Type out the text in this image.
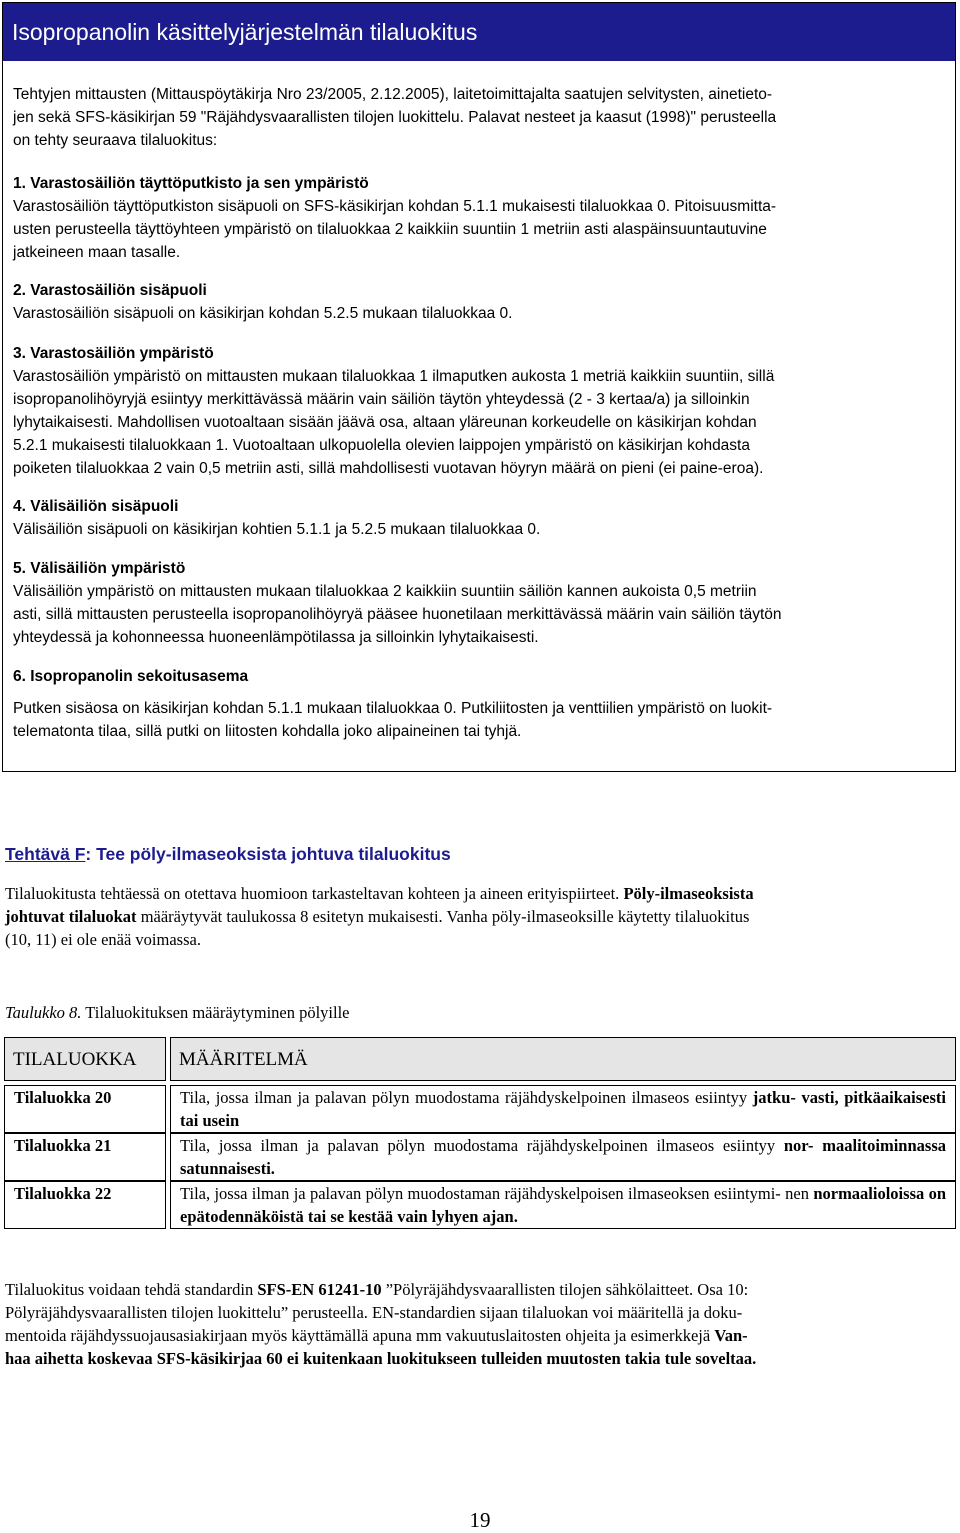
Isopropanolin käsittelyjärjestelmän tilaluokitus

Tehtyjen mittausten (Mittauspöytäkirja Nro 23/2005, 2.12.2005), laitetoimittajalta saatujen selvitysten, ainetieto-

jen sekä SFS-käsikirjan 59 "Räjähdysvaarallisten tilojen luokittelu. Palavat nesteet ja kaasut (1998)" perusteella

on tehty seuraava tilaluokitus:

1. Varastosäiliön täyttöputkisto ja sen ympäristö

Varastosäiliön täyttöputkiston sisäpuoli on SFS-käsikirjan kohdan 5.1.1 mukaisesti tilaluokkaa 0. Pitoisuusmitta-

usten perusteella täyttöyhteen ympäristö on tilaluokkaa 2 kaikkiin suuntiin 1 metriin asti alaspäinsuuntautuvine

jatkeineen maan tasalle.

2. Varastosäiliön sisäpuoli

Varastosäiliön sisäpuoli on käsikirjan kohdan 5.2.5 mukaan tilaluokkaa 0.

3. Varastosäiliön ympäristö

Varastosäiliön ympäristö on mittausten mukaan tilaluokkaa 1 ilmaputken aukosta 1 metriä kaikkiin suuntiin, sillä

isopropanolihöyryjä esiintyy merkittävässä määrin vain säiliön täytön yhteydessä (2 - 3 kertaa/a) ja silloinkin

lyhytaikaisesti. Mahdollisen vuotoaltaan sisään jäävä osa, altaan yläreunan korkeudelle on käsikirjan kohdan

5.2.1 mukaisesti tilaluokkaan 1. Vuotoaltaan ulkopuolella olevien laippojen ympäristö on käsikirjan kohdasta

poiketen tilaluokkaa 2 vain 0,5 metriin asti, sillä mahdollisesti vuotavan höyryn määrä on pieni (ei paine-eroa).

4. Välisäiliön sisäpuoli

Välisäiliön sisäpuoli on käsikirjan kohtien 5.1.1 ja 5.2.5 mukaan tilaluokkaa 0.

5. Välisäiliön ympäristö

Välisäiliön ympäristö on mittausten mukaan tilaluokkaa 2 kaikkiin suuntiin säiliön kannen aukoista 0,5 metriin

asti, sillä mittausten perusteella isopropanolihöyryä pääsee huonetilaan merkittävässä määrin vain säiliön täytön

yhteydessä ja kohonneessa huoneenlämpötilassa ja silloinkin lyhytaikaisesti.

6. Isopropanolin sekoitusasema

Putken sisäosa on käsikirjan kohdan 5.1.1 mukaan tilaluokkaa 0. Putkiliitosten ja venttiilien ympäristö on luokit-

telematonta tilaa, sillä putki on liitosten kohdalla joko alipaineinen tai tyhjä.

Tehtävä F: Tee pöly-ilmaseoksista johtuva tilaluokitus

Tilaluokitusta tehtäessä on otettava huomioon tarkasteltavan kohteen ja aineen erityispiirteet. Pöly-ilmaseoksista

johtuvat tilaluokat määräytyvät taulukossa 8 esitetyn mukaisesti. Vanha pöly-ilmaseoksille käytetty tilaluokitus

(10, 11) ei ole enää voimassa.

Taulukko 8. Tilaluokituksen määräytyminen pölyille

TILALUOKKA	MÄÄRITELMÄ

Tilaluokka 20	Tila, jossa ilman ja palavan pölyn muodostama räjähdyskelpoinen ilmaseos esiintyy jatku- vasti, pitkäaikaisesti tai usein

Tilaluokka 21	Tila, jossa ilman ja palavan pölyn muodostama räjähdyskelpoinen ilmaseos esiintyy nor- maalitoiminnassa satunnaisesti.

Tilaluokka 22	Tila, jossa ilman ja palavan pölyn muodostaman räjähdyskelpoisen ilmaseoksen esiintymi- nen normaalioloissa on epätodennäköistä tai se kestää vain lyhyen ajan.

Tilaluokitus voidaan tehdä standardin SFS-EN 61241-10 ”Pölyräjähdysvaarallisten tilojen sähkölaitteet. Osa 10:

Pölyräjähdysvaarallisten tilojen luokittelu” perusteella. EN-standardien sijaan tilaluokan voi määritellä ja doku-

mentoida räjähdyssuojausasiakirjaan myös käyttämällä apuna mm vakuutuslaitosten ohjeita ja esimerkkejä Van-

haa aihetta koskevaa SFS-käsikirjaa 60 ei kuitenkaan luokitukseen tulleiden muutosten takia tule soveltaa.

19
